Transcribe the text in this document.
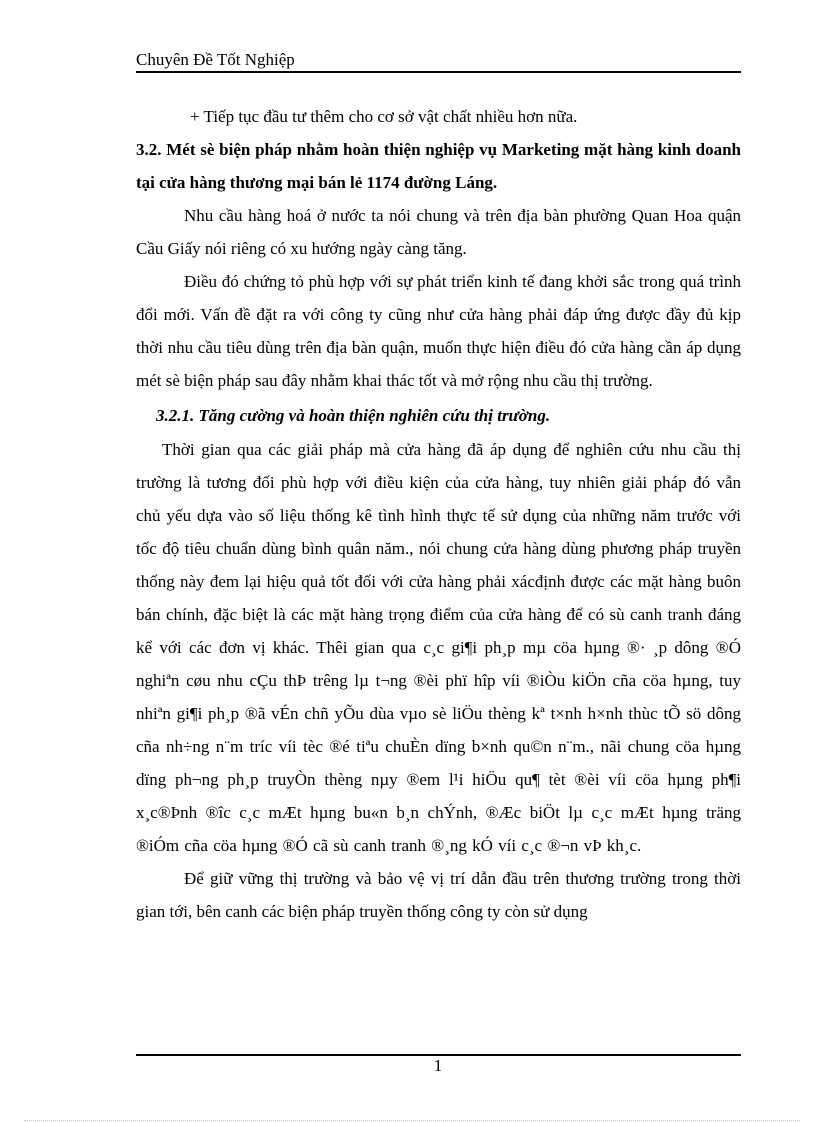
Chuyên Đề Tốt Nghiệp

+ Tiếp tục đầu tư thêm cho cơ sở vật chất nhiều hơn nữa.

3.2. Mét sè biện pháp nhằm hoàn thiện nghiệp vụ Marketing mặt hàng kinh doanh tại cửa hàng thương mại bán lẻ 1174 đường Láng.

Nhu cầu hàng hoá ở nước ta nói chung và trên địa bàn phường Quan Hoa quận Cầu Giấy nói riêng có xu hướng ngày càng tăng.

Điều đó chứng tỏ phù hợp với sự phát triển kinh tế đang khởi sắc trong quá trình đổi mới. Vấn đề đặt ra với công ty cũng như cửa hàng phải đáp ứng được đầy đủ kịp thời nhu cầu tiêu dùng trên địa bàn quận, muốn thực hiện điều đó cửa hàng cần áp dụng mét sè biện pháp sau đây nhằm khai thác tốt và mở rộng nhu cầu thị trường.

3.2.1. Tăng cường và hoàn thiện nghiên cứu thị trường.

Thời gian qua các giải pháp mà cửa hàng đã áp dụng để nghiên cứu nhu cầu thị trường là tương đối phù hợp với điều kiện của cửa hàng, tuy nhiên giải pháp đó vẫn chủ yếu dựa vào số liệu thống kê tình hình thực tế sử dụng của những năm trước với tốc độ tiêu chuẩn dùng bình quân năm., nói chung cửa hàng dùng phương pháp truyền thống này đem lại hiệu quả tốt đối với cửa hàng phải xácđịnh được các mặt hàng buôn bán chính, đặc biệt là các mặt hàng trọng điểm của cửa hàng để có sù canh tranh đáng kể với các đơn vị khác. Thêi gian qua c¸c gi¶i ph¸p mµ cöa hµng ®· ¸p dông ®Ó nghiªn cøu nhu cÇu thÞ trêng lµ t¬ng ®èi phï hîp víi ®iÒu kiÖn cña cöa hµng, tuy nhiªn gi¶i ph¸p ®ã vÉn chñ yÕu dùa vµo sè liÖu thèng kª t×nh h×nh thùc tÕ sö dông cña nh÷ng n¨m tríc víi tèc ®é tiªu chuÈn dïng b×nh qu©n n¨m., nãi chung cöa hµng dïng ph¬ng ph¸p truyÒn thèng nµy ®em l¹i hiÖu qu¶ tèt ®èi víi cöa hµng ph¶i x¸c®Þnh ®îc c¸c mÆt hµng bu«n b¸n chÝnh, ®Æc biÖt lµ c¸c mÆt hµng träng ®iÓm cña cöa hµng ®Ó cã sù canh tranh ®¸ng kÓ víi c¸c ®¬n vÞ kh¸c.

Để giữ vững thị trường và bảo vệ vị trí dẫn đầu trên thương trường trong thời gian tới, bên canh các biện pháp truyền thống công ty còn sử dụng

1
